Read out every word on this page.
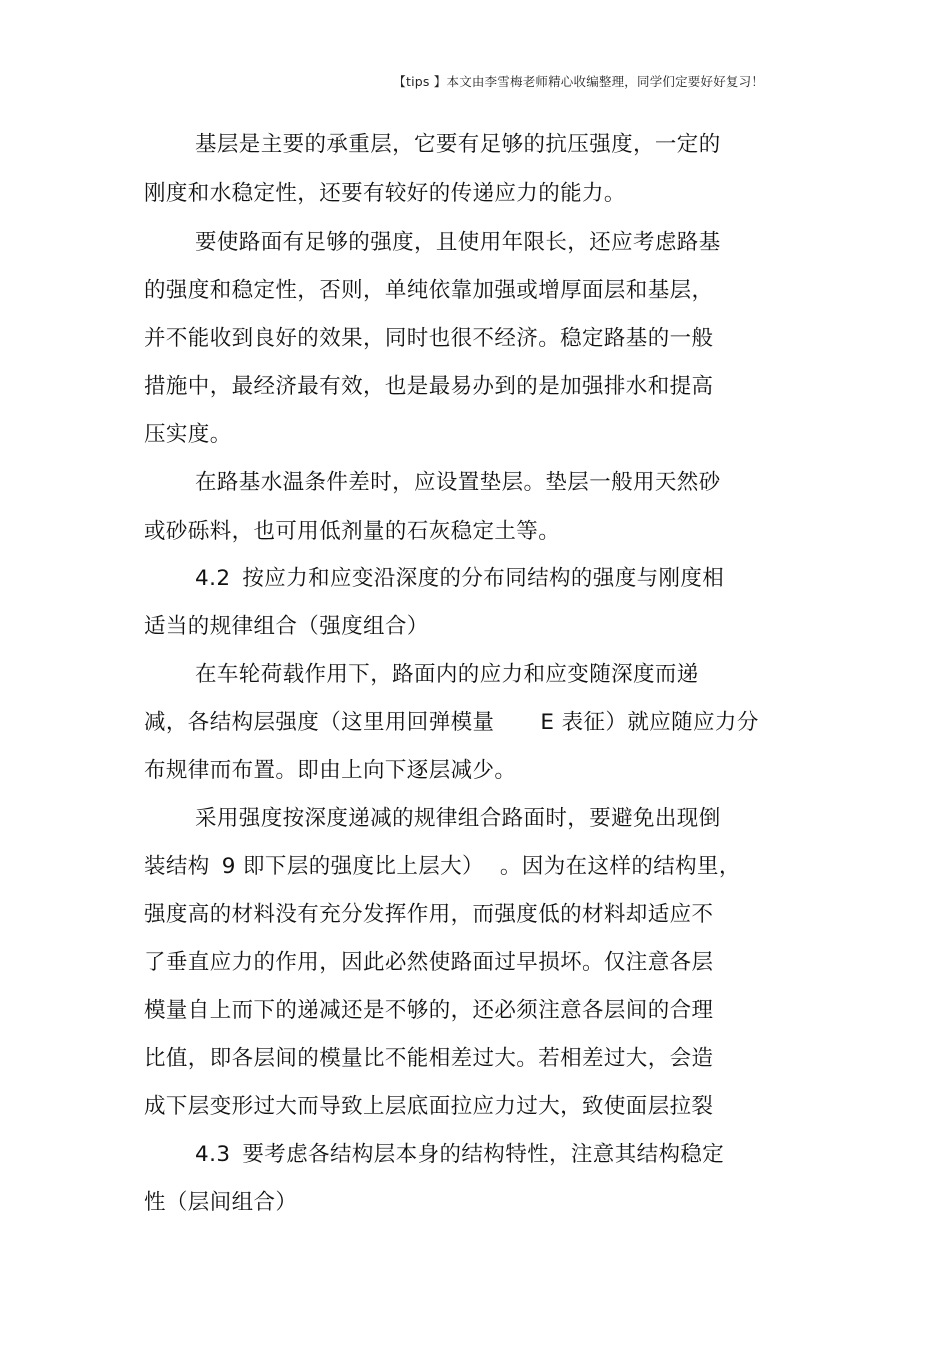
【tips 】本文由李雪梅老师精心收编整理，同学们定要好好复习！
基层是主要的承重层，它要有足够的抗压强度，一定的
刚度和水稳定性，还要有较好的传递应力的能力。
要使路面有足够的强度，且使用年限长，还应考虑路基
的强度和稳定性，否则，单纯依靠加强或增厚面层和基层，
并不能收到良好的效果，同时也很不经济。稳定路基的一般
措施中，最经济最有效，也是最易办到的是加强排水和提高
压实度。
在路基水温条件差时，应设置垫层。垫层一般用天然砂
或砂砾料，也可用低剂量的石灰稳定土等。
4.2 按应力和应变沿深度的分布同结构的强度与刚度相
适当的规律组合（强度组合）
在车轮荷载作用下，路面内的应力和应变随深度而递
减，各结构层强度（这里用回弹模量 E 表征）就应随应力分
布规律而布置。即由上向下逐层减少。
采用强度按深度递减的规律组合路面时，要避免出现倒
装结构 9 即下层的强度比上层大） 。因为在这样的结构里，
强度高的材料没有充分发挥作用，而强度低的材料却适应不
了垂直应力的作用，因此必然使路面过早损坏。仅注意各层
模量自上而下的递减还是不够的，还必须注意各层间的合理
比值，即各层间的模量比不能相差过大。若相差过大，会造
成下层变形过大而导致上层底面拉应力过大，致使面层拉裂
4.3 要考虑各结构层本身的结构特性，注意其结构稳定
性（层间组合）
